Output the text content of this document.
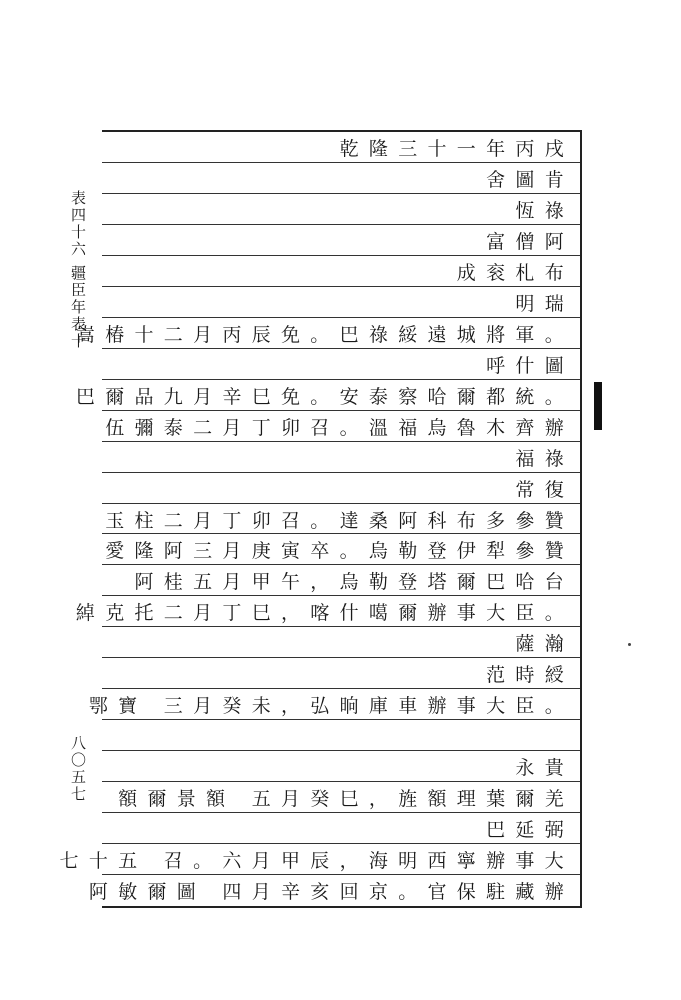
表四十六 疆臣年表十
八〇五七
乾隆三十一年丙戌
舍圖肯
恆祿
富僧阿
成衮札布
明瑞
嵩椿十二月丙辰免。巴祿綏遠城將軍。
呼什圖
巴爾品九月辛巳免。安泰察哈爾都統。
伍彌泰二月丁卯召。溫福烏魯木齊辦
福祿
常復
玉柱二月丁卯召。達桑阿科布多參贊
愛隆阿三月庚寅卒。烏勒登伊犁參贊
阿桂五月甲午，烏勒登塔爾巴哈台
綽克托二月丁巳，喀什噶爾辦事大臣。
薩瀚
范時綬
鄂寶 三月癸未，弘晌庫車辦事大臣。
永貴
額爾景額 五月癸巳，旌額理葉爾羌
巴延弼
七十五 召。六月甲辰，海明西寧辦事大
阿敏爾圖 四月辛亥回京。官保駐藏辦
